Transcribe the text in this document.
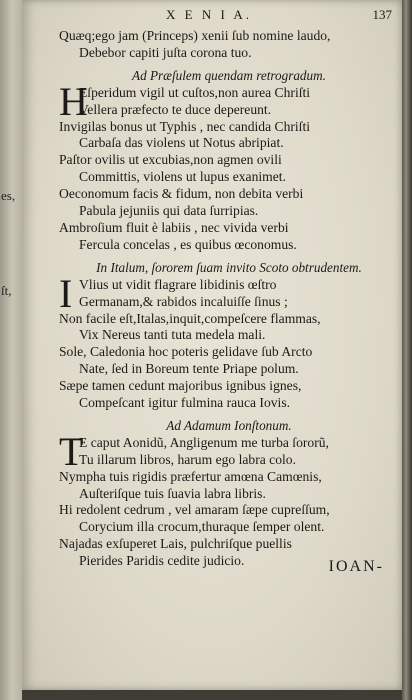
es,
ſt,
X E N I A.	137
Quæq;ego jam (Princeps) xenii ſub nomine laudo,
Debebor capiti juſta corona tuo.
Ad Præſulem quendam retrogradum.
H
Eſperidum vigil ut cuſtos,non aurea Chriſti
Vellera præfecto te duce depereunt.
Invigilas bonus ut Typhis , nec candida Chriſti
Carbaſa das violens ut Notus abripiat.
Paſtor ovilis ut excubias,non agmen ovili
Committis, violens ut lupus exanimet.
Oeconomum facis & fidum, non debita verbi
Pabula jejuniis qui data ſurripias.
Ambroſium fluit è labiis , nec vivida verbi
Fercula concelas , es quibus œconomus.
In Italum, ſororem ſuam invito Scoto obtrudentem.
I Vlius ut vidit flagrare libidinis œſtro
Germanam,& rabidos incaluiſſe ſinus ;
Non facile eſt,Italas,inquit,compeſcere flammas,
Vix Nereus tanti tuta medela mali.
Sole, Caledonia hoc poteris gelidave ſub Arcto
Nate, ſed in Boreum tente Priape polum.
Sæpe tamen cedunt majoribus ignibus ignes,
Compeſcant igitur fulmina rauca Iovis.
Ad Adamum Ionſtonum.
T
E caput Aonidũ, Angligenum me turba ſororũ,
Tu illarum libros, harum ego labra colo.
Nympha tuis rigidis præfertur amœna Camœnis,
Auſteriſque tuis ſuavia labra libris.
Hi redolent cedrum , vel amaram ſæpe cupreſſum,
Corycium illa crocum,thuraque ſemper olent.
Najadas exſuperet Lais, pulchriſque puellis
Pierides Paridis cedite judicio.	IOAN-
